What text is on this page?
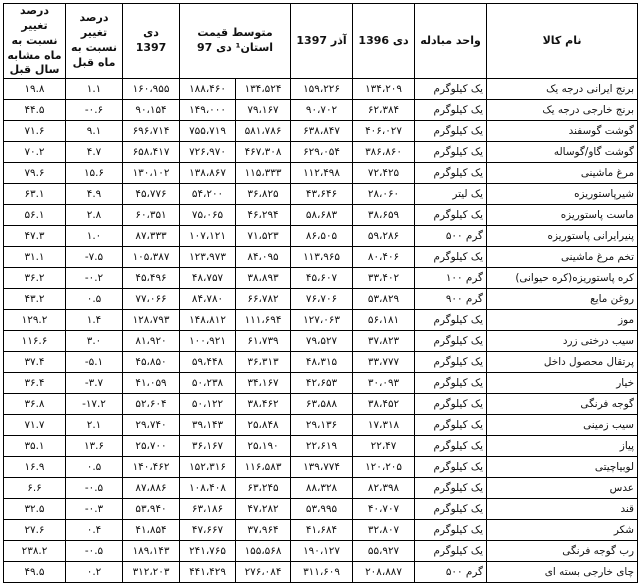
درصد تغییر نسبت به ماه مشابه سال قبل	درصد تغییر نسبت به ماه قبل	دی 1397	متوسط قیمت استان¹ دی 97		آذر 1397	دی 1396	واحد مبادله	نام کالا
۱۹.۸	۱.۱	۱۶۰،۹۵۵	۱۸۸،۴۶۰	۱۳۴،۵۲۴	۱۵۹،۲۲۶	۱۳۴،۲۰۹	یک کیلوگرم	برنج ایرانی درجه یک
۴۴.۵	-۰.۶	۹۰،۱۵۴	۱۴۹،۰۰۰	۷۹،۱۶۷	۹۰،۷۰۲	۶۲،۳۸۴	یک کیلوگرم	برنج خارجی درجه یک
۷۱.۶	۹.۱	۶۹۶،۷۱۴	۷۵۵،۷۱۹	۵۸۱،۷۸۶	۶۳۸،۸۴۷	۴۰۶،۰۲۷	یک کیلوگرم	گوشت گوسفند
۷۰.۲	۴.۷	۶۵۸،۴۱۷	۷۲۶،۹۷۰	۴۶۷،۳۰۸	۶۲۹،۰۵۴	۳۸۶،۸۶۰	یک کیلوگرم	گوشت گاو/گوساله
۷۹.۶	۱۵.۶	۱۳۰،۱۰۲	۱۳۸،۸۶۷	۱۱۵،۳۳۳	۱۱۲،۴۹۸	۷۲،۴۲۵	یک کیلوگرم	مرغ ماشینی
۶۳.۱	۴.۹	۴۵،۷۷۶	۵۴،۲۰۰	۳۶،۸۲۵	۴۳،۶۴۶	۲۸،۰۶۰	یک لیتر	شیرپاستوریزه
۵۶.۱	۲.۸	۶۰،۳۵۱	۷۵،۰۶۵	۴۶،۲۹۴	۵۸،۶۸۳	۳۸،۶۵۹	یک کیلوگرم	ماست پاستوریزه
۴۷.۳	۱.۰	۸۷،۳۳۳	۱۰۷،۱۲۱	۷۱،۵۲۳	۸۶،۵۰۵	۵۹،۲۸۶	۵۰۰ گرم	پنیرایرانی پاستوریزه
۳۱.۱	-۷.۵	۱۰۵،۳۸۷	۱۲۳،۹۷۳	۸۴،۰۹۵	۱۱۳،۹۶۵	۸۰،۴۰۶	یک کیلوگرم	تخم مرغ ماشینی
۳۶.۲	-۰.۲	۴۵،۴۹۶	۴۸،۷۵۷	۳۸،۸۹۳	۴۵،۶۰۷	۳۳،۴۰۲	۱۰۰ گرم	کره پاستوریزه(کره حیوانی)
۴۳.۲	۰.۵	۷۷،۰۶۶	۸۴،۷۸۰	۶۶،۷۸۲	۷۶،۷۰۶	۵۳،۸۲۹	۹۰۰ گرم	روغن مایع
۱۲۹.۲	۱.۴	۱۲۸،۷۹۳	۱۴۸،۸۱۲	۱۱۱،۶۹۴	۱۲۷،۰۶۳	۵۶،۱۸۱	یک کیلوگرم	موز
۱۱۶.۶	۳.۰	۸۱،۹۲۰	۱۰۰،۹۲۱	۶۱،۷۳۹	۷۹،۵۲۷	۳۷،۸۲۳	یک کیلوگرم	سیب درختی زرد
۳۷.۴	-۵.۱	۴۵،۸۵۰	۵۹،۴۴۸	۳۶،۳۱۳	۴۸،۳۱۵	۳۳،۷۷۷	یک کیلوگرم	پرتقال محصول داخل
۳۶.۴	-۳.۷	۴۱،۰۵۹	۵۰،۲۳۸	۳۴،۱۶۷	۴۲،۶۵۳	۳۰،۰۹۳	یک کیلوگرم	خیار
۳۶.۸	-۱۷.۲	۵۲،۶۰۴	۵۰،۱۲۲	۳۸،۴۶۲	۶۳،۵۸۸	۳۸،۴۵۲	یک کیلوگرم	گوجه فرنگی
۷۱.۷	۲.۱	۲۹،۷۴۰	۳۹،۱۴۳	۲۵،۸۴۸	۲۹،۱۳۶	۱۷،۳۱۸	یک کیلوگرم	سیب زمینی
۳۵.۱	۱۳.۶	۲۵،۷۰۰	۳۶،۱۶۷	۲۵،۱۹۰	۲۲،۶۱۹	۲۲،۴۷	یک کیلوگرم	پیاز
۱۶.۹	۰.۵	۱۴۰،۴۶۲	۱۵۲،۳۱۶	۱۱۶،۵۸۳	۱۳۹،۷۷۴	۱۲۰،۲۰۵	یک کیلوگرم	لوبیاچیتی
۶.۶	-۰.۵	۸۷،۸۸۶	۱۰۸،۴۰۸	۶۳،۲۴۵	۸۸،۳۲۸	۸۲،۳۹۸	یک کیلوگرم	عدس
۳۲.۵	-۰.۳	۵۳،۹۴۰	۶۳،۱۸۶	۴۷،۲۸۲	۵۳،۹۹۵	۴۰،۷۰۷	یک کیلوگرم	قند
۲۷.۶	۰.۴	۴۱،۸۵۴	۴۷،۶۶۷	۳۷،۹۶۴	۴۱،۶۸۴	۳۲،۸۰۷	یک کیلوگرم	شکر
۲۳۸.۲	-۰.۵	۱۸۹،۱۴۳	۲۴۱،۷۶۵	۱۵۵،۵۶۸	۱۹۰،۱۲۷	۵۵،۹۲۷	یک کیلوگرم	رب گوجه فرنگی
۴۹.۵	۰.۲	۳۱۲،۲۰۳	۴۴۱،۴۲۹	۲۷۶،۰۸۴	۳۱۱،۶۰۹	۲۰۸،۸۸۷	۵۰۰ گرم	چای خارجی بسته ای
